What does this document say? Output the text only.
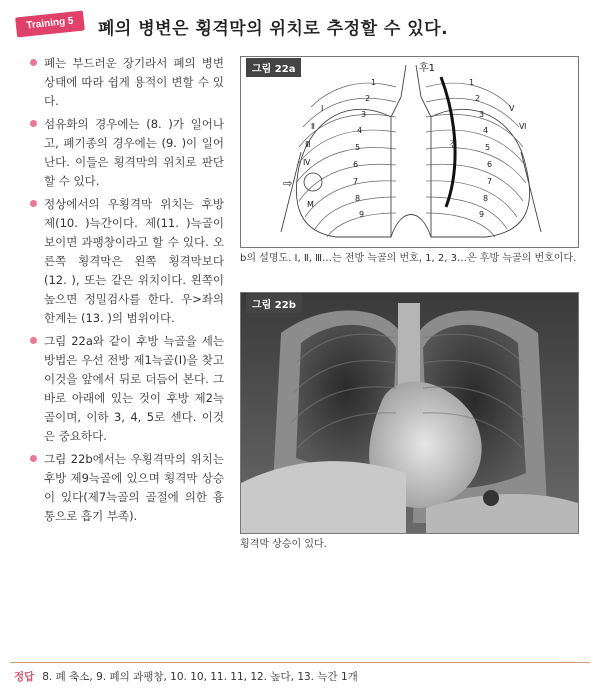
Training 5	폐의 병변은 횡격막의 위치로 추정할 수 있다.
폐는 부드러운 장기라서 폐의 병변 상태에 따라 쉽게 용적이 변할 수 있다.
섬유화의 경우에는 (8. )가 일어나고, 폐기종의 경우에는 (9. )이 일어난다. 이들은 횡격막의 위치로 판단할 수 있다.
정상에서의 우횡격막 위치는 후방 제(10. )늑간이다. 제(11. )늑골이 보이면 과팽창이라고 할 수 있다. 오른쪽 횡격막은 왼쪽 횡격막보다 (12. ), 또는 같은 위치이다. 왼쪽이 높으면 정밀검사를 한다. 우>좌의 한계는 (13. )의 범위이다.
그림 22a와 같이 후방 늑골을 세는 방법은 우선 전방 제1늑골(Ⅰ)을 찾고 이것을 앞에서 뒤로 더듬어 본다. 그 바로 아래에 있는 것이 후방 제2늑골이며, 이하 3, 4, 5로 센다. 이것은 중요하다.
그림 22b에서는 우횡격막의 위치는 후방 제9늑골에 있으며 횡격막 상승이 있다(제7늑골의 골절에 의한 흉통으로 흡기 부족).
⇨
후1
진
M
1
2
3
4
5
6
7
8
9
1
2
3
4
5
6
7
8
9
Ⅰ
Ⅱ
Ⅲ
Ⅳ
Ⅴ
Ⅵ
그림 22a
b의 설명도. Ⅰ, Ⅱ, Ⅲ…는 전방 늑골의 번호, 1, 2, 3…은 후방 늑골의 번호이다.
그림 22b
횡격막 상승이 있다.
정답 8. 폐 축소, 9. 폐의 과팽창, 10. 10, 11. 11, 12. 높다, 13. 늑간 1개
